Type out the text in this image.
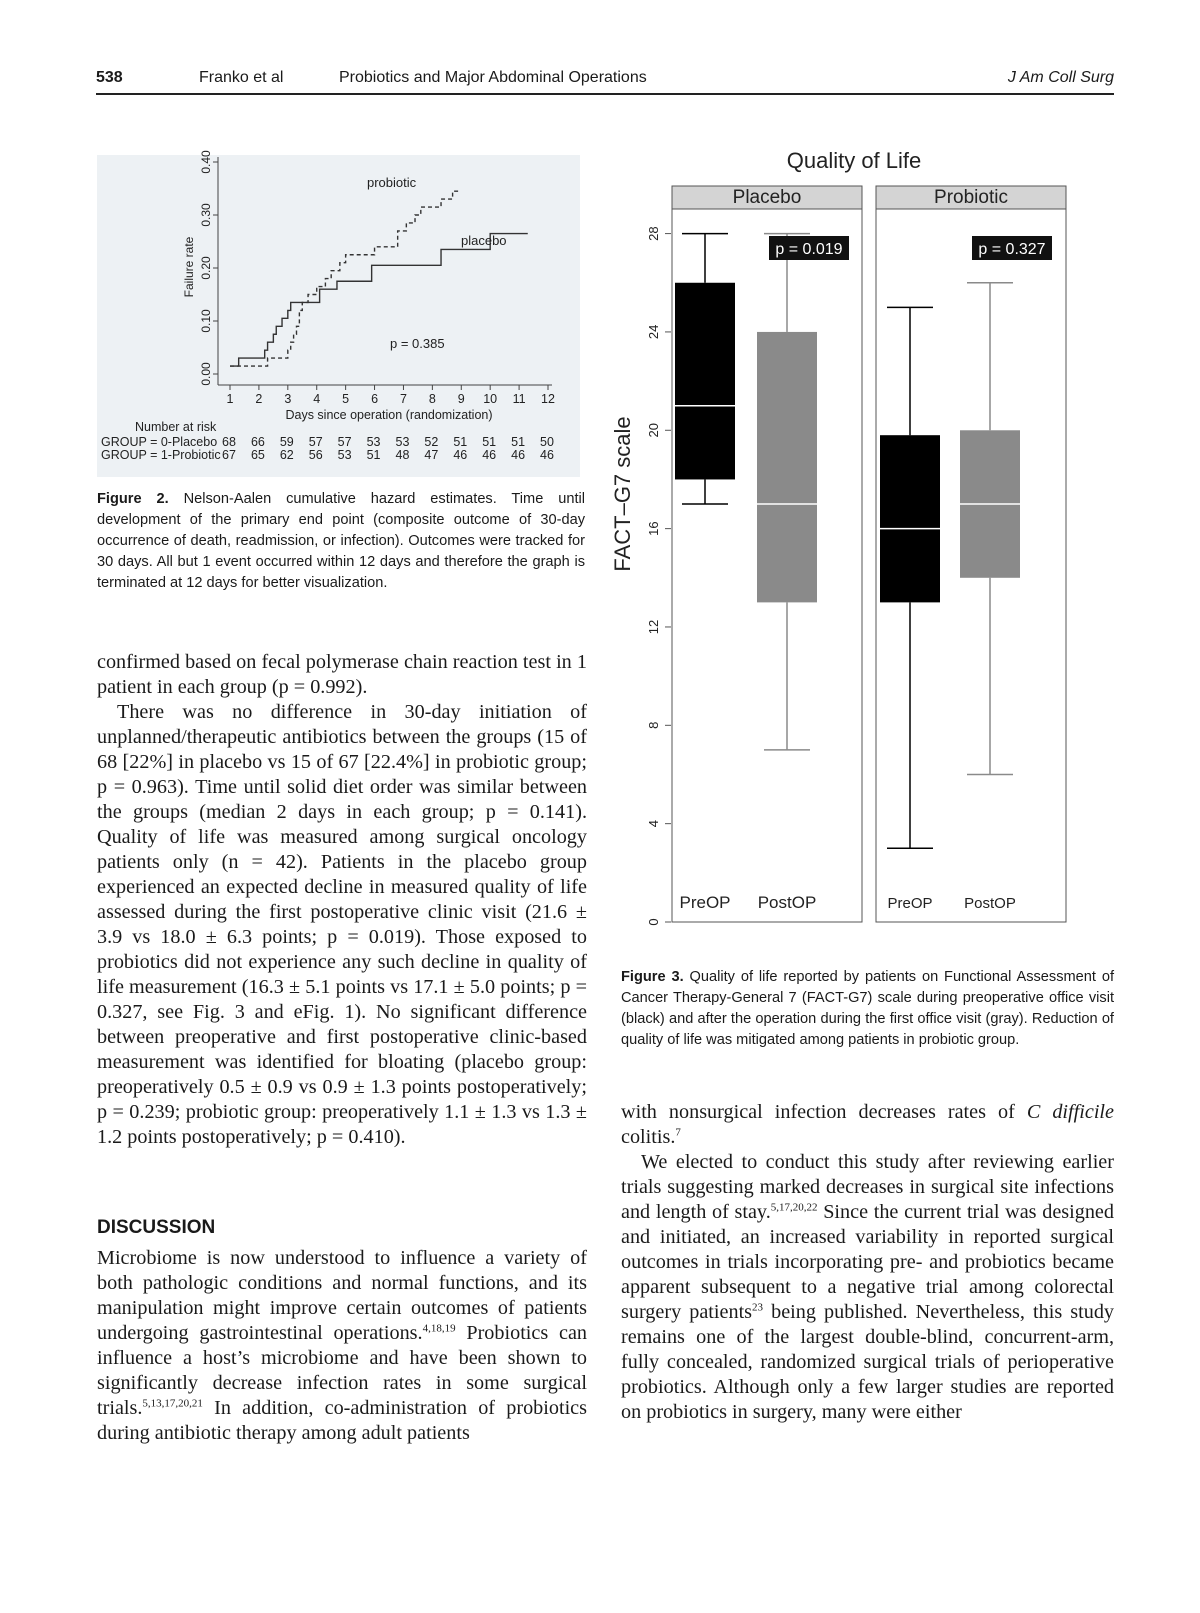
538	Franko et al	Probiotics and Major Abdominal Operations	J Am Coll Surg
1 2 3 4 5 6 7 8 9 10 11 12
0.00
0.10
0.20
0.30
0.40
Failure rate
Days since operation (randomization)
probiotic
placebo
p = 0.385
Number at risk
GROUP = 0-Placebo 68 66 59 57 57 53 53 52 51 51 51 50
GROUP = 1-Probiotic 67 65 62 56 53 51 48 47 46 46 46 46
Figure 2. Nelson-Aalen cumulative hazard estimates. Time until development of the primary end point (composite outcome of 30-day occurrence of death, readmission, or infection). Outcomes were tracked for 30 days. All but 1 event occurred within 12 days and therefore the graph is terminated at 12 days for better visualization.

confirmed based on fecal polymerase chain reaction test in 1 patient in each group (p = 0.992).

There was no difference in 30-day initiation of unplanned/therapeutic antibiotics between the groups (15 of 68 [22%] in placebo vs 15 of 67 [22.4%] in probiotic group; p = 0.963). Time until solid diet order was similar between the groups (median 2 days in each group; p = 0.141). Quality of life was measured among surgical oncology patients only (n = 42). Patients in the placebo group experienced an expected decline in measured quality of life assessed during the first postoperative clinic visit (21.6 ± 3.9 vs 18.0 ± 6.3 points; p = 0.019). Those exposed to probiotics did not experience any such decline in quality of life measurement (16.3 ± 5.1 points vs 17.1 ± 5.0 points; p = 0.327, see Fig. 3 and eFig. 1). No significant difference between preoperative and first postoperative clinic-based measurement was identified for bloating (placebo group: preoperatively 0.5 ± 0.9 vs 0.9 ± 1.3 points postoperatively; p = 0.239; probiotic group: preoperatively 1.1 ± 1.3 vs 1.3 ± 1.2 points postoperatively; p = 0.410).

DISCUSSION

Microbiome is now understood to influence a variety of both pathologic conditions and normal functions, and its manipulation might improve certain outcomes of patients undergoing gastrointestinal operations.$^{4,18,19}$ Probiotics can influence a host’s microbiome and have been shown to significantly decrease infection rates in some surgical trials.$^{5,13,17,20,21}$ In addition, co-administration of probiotics during antibiotic therapy among adult patients

Quality of Life
FACT–G7 scale
0
4
8
12
16
20
24
28
Placebo
PreOP PostOP
p = 0.019
Probiotic
PreOP PostOP
p = 0.327
Figure 3. Quality of life reported by patients on Functional Assessment of Cancer Therapy-General 7 (FACT-G7) scale during preoperative office visit (black) and after the operation during the first office visit (gray). Reduction of quality of life was mitigated among patients in probiotic group.

with nonsurgical infection decreases rates of C difficile colitis.$^7$

We elected to conduct this study after reviewing earlier trials suggesting marked decreases in surgical site infections and length of stay.$^{5,17,20,22}$ Since the current trial was designed and initiated, an increased variability in reported surgical outcomes in trials incorporating pre- and probiotics became apparent subsequent to a negative trial among colorectal surgery patients$^{23}$ being published. Nevertheless, this study remains one of the largest double-blind, concurrent-arm, fully concealed, randomized surgical trials of perioperative probiotics. Although only a few larger studies are reported on probiotics in surgery, many were either
